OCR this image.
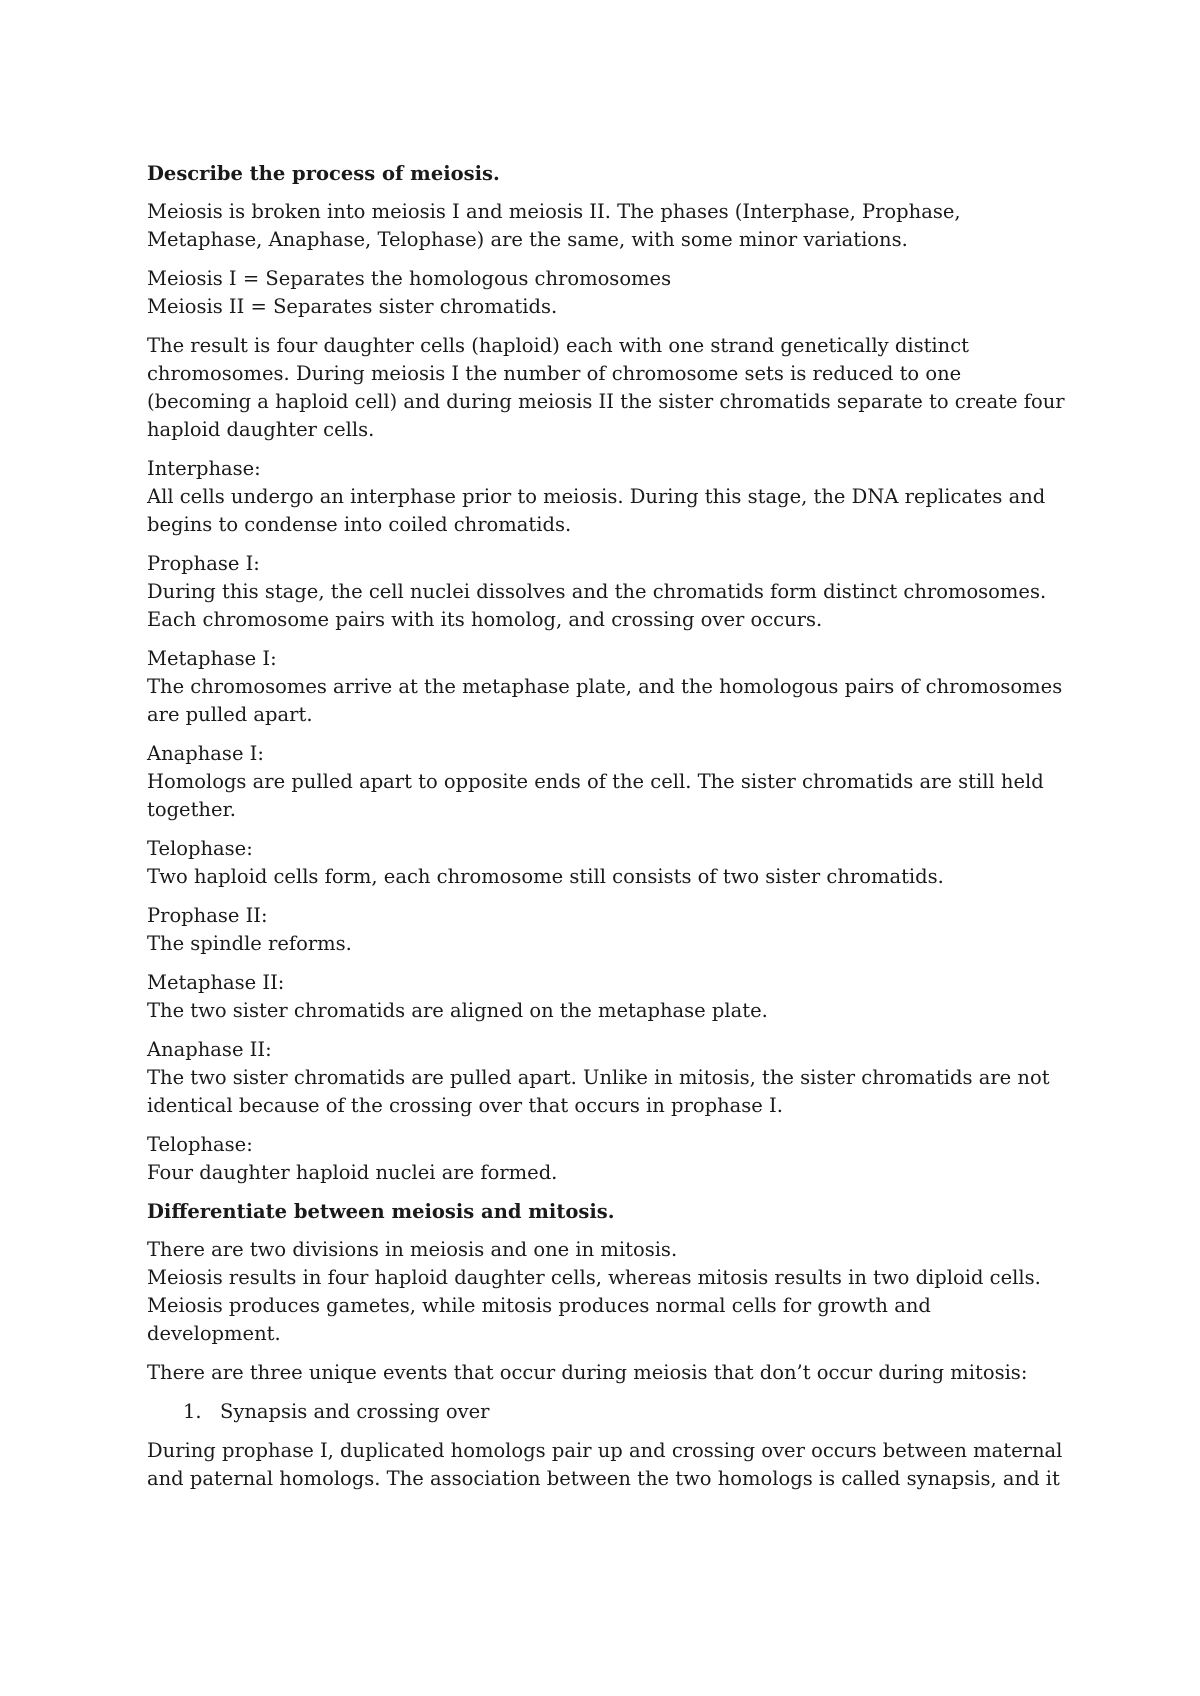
Describe the process of meiosis.

Meiosis is broken into meiosis I and meiosis II. The phases (Interphase, Prophase, Metaphase, Anaphase, Telophase) are the same, with some minor variations.

Meiosis I = Separates the homologous chromosomes
Meiosis II = Separates sister chromatids.

The result is four daughter cells (haploid) each with one strand genetically distinct chromosomes. During meiosis I the number of chromosome sets is reduced to one (becoming a haploid cell) and during meiosis II the sister chromatids separate to create four haploid daughter cells.

Interphase:
All cells undergo an interphase prior to meiosis. During this stage, the DNA replicates and begins to condense into coiled chromatids.

Prophase I:
During this stage, the cell nuclei dissolves and the chromatids form distinct chromosomes. Each chromosome pairs with its homolog, and crossing over occurs.

Metaphase I:
The chromosomes arrive at the metaphase plate, and the homologous pairs of chromosomes are pulled apart.

Anaphase I:
Homologs are pulled apart to opposite ends of the cell. The sister chromatids are still held together.

Telophase:
Two haploid cells form, each chromosome still consists of two sister chromatids.

Prophase II:
The spindle reforms.

Metaphase II:
The two sister chromatids are aligned on the metaphase plate.

Anaphase II:
The two sister chromatids are pulled apart. Unlike in mitosis, the sister chromatids are not identical because of the crossing over that occurs in prophase I.

Telophase:
Four daughter haploid nuclei are formed.

Differentiate between meiosis and mitosis.

There are two divisions in meiosis and one in mitosis.
Meiosis results in four haploid daughter cells, whereas mitosis results in two diploid cells.
Meiosis produces gametes, while mitosis produces normal cells for growth and development.

There are three unique events that occur during meiosis that don’t occur during mitosis:

1. Synapsis and crossing over

During prophase I, duplicated homologs pair up and crossing over occurs between maternal and paternal homologs. The association between the two homologs is called synapsis, and it
